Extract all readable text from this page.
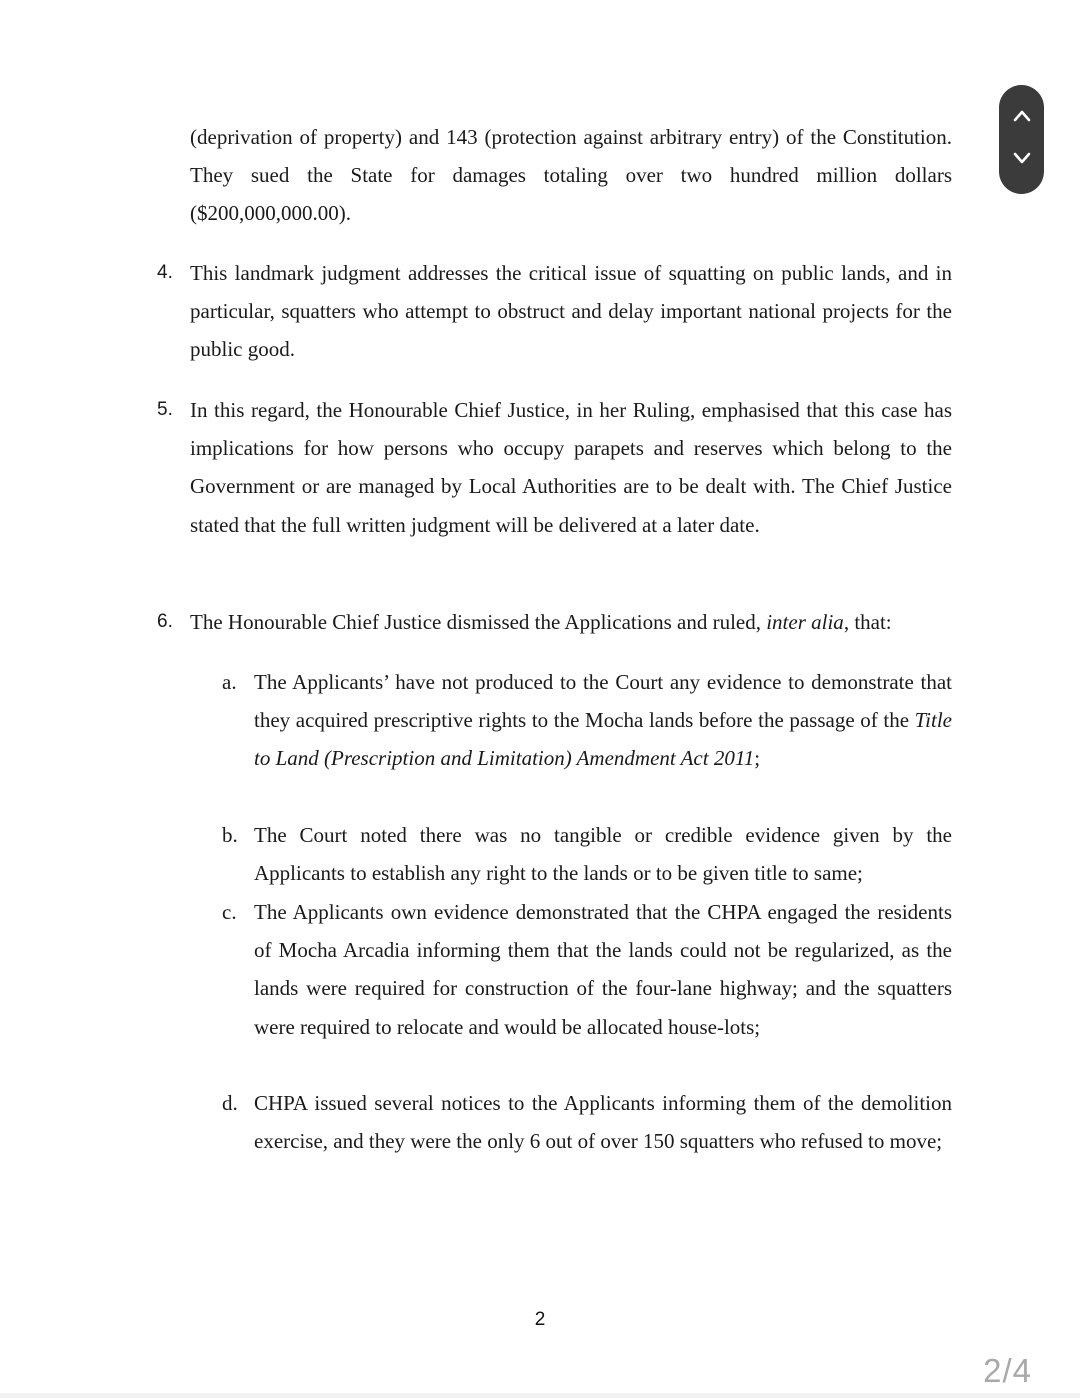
(deprivation of property) and 143 (protection against arbitrary entry) of the Constitution. They sued the State for damages totaling over two hundred million dollars ($200,000,000.00).
4. This landmark judgment addresses the critical issue of squatting on public lands, and in particular, squatters who attempt to obstruct and delay important national projects for the public good.
5. In this regard, the Honourable Chief Justice, in her Ruling, emphasised that this case has implications for how persons who occupy parapets and reserves which belong to the Government or are managed by Local Authorities are to be dealt with. The Chief Justice stated that the full written judgment will be delivered at a later date.
6. The Honourable Chief Justice dismissed the Applications and ruled, inter alia, that:
a. The Applicants’ have not produced to the Court any evidence to demonstrate that they acquired prescriptive rights to the Mocha lands before the passage of the Title to Land (Prescription and Limitation) Amendment Act 2011;
b. The Court noted there was no tangible or credible evidence given by the Applicants to establish any right to the lands or to be given title to same;
c. The Applicants own evidence demonstrated that the CHPA engaged the residents of Mocha Arcadia informing them that the lands could not be regularized, as the lands were required for construction of the four-lane highway; and the squatters were required to relocate and would be allocated house-lots;
d. CHPA issued several notices to the Applicants informing them of the demolition exercise, and they were the only 6 out of over 150 squatters who refused to move;
2
2/4
